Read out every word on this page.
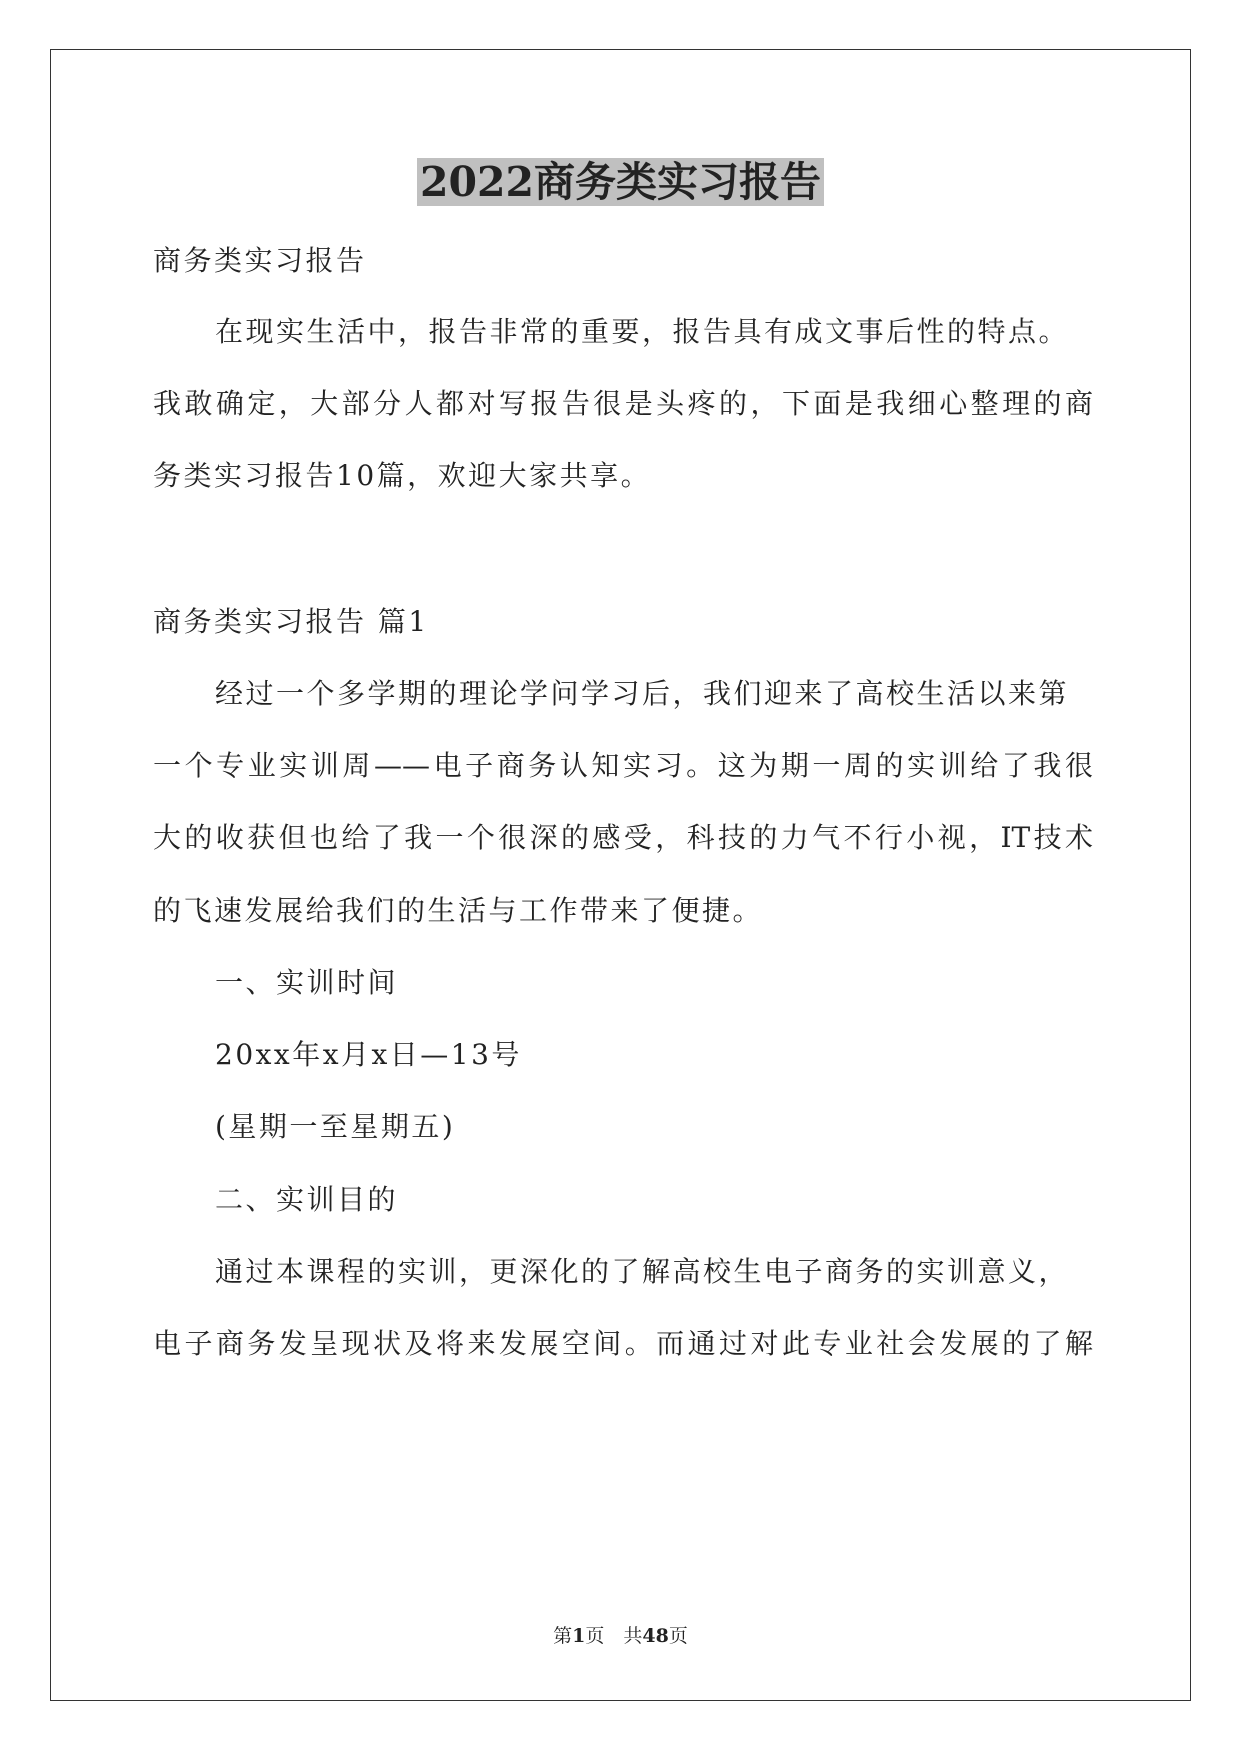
2022商务类实习报告
商务类实习报告
在现实生活中，报告非常的重要，报告具有成文事后性的特点。
我敢确定，大部分人都对写报告很是头疼的，下面是我细心整理的商
务类实习报告10篇，欢迎大家共享。
商务类实习报告 篇1
经过一个多学期的理论学问学习后，我们迎来了高校生活以来第
一个专业实训周——电子商务认知实习。这为期一周的实训给了我很
大的收获但也给了我一个很深的感受，科技的力气不行小视，IT技术
的飞速发展给我们的生活与工作带来了便捷。
一、实训时间
20xx年x月x日—13号
(星期一至星期五)
二、实训目的
通过本课程的实训，更深化的了解高校生电子商务的实训意义，
电子商务发呈现状及将来发展空间。而通过对此专业社会发展的了解
第1页　共48页
